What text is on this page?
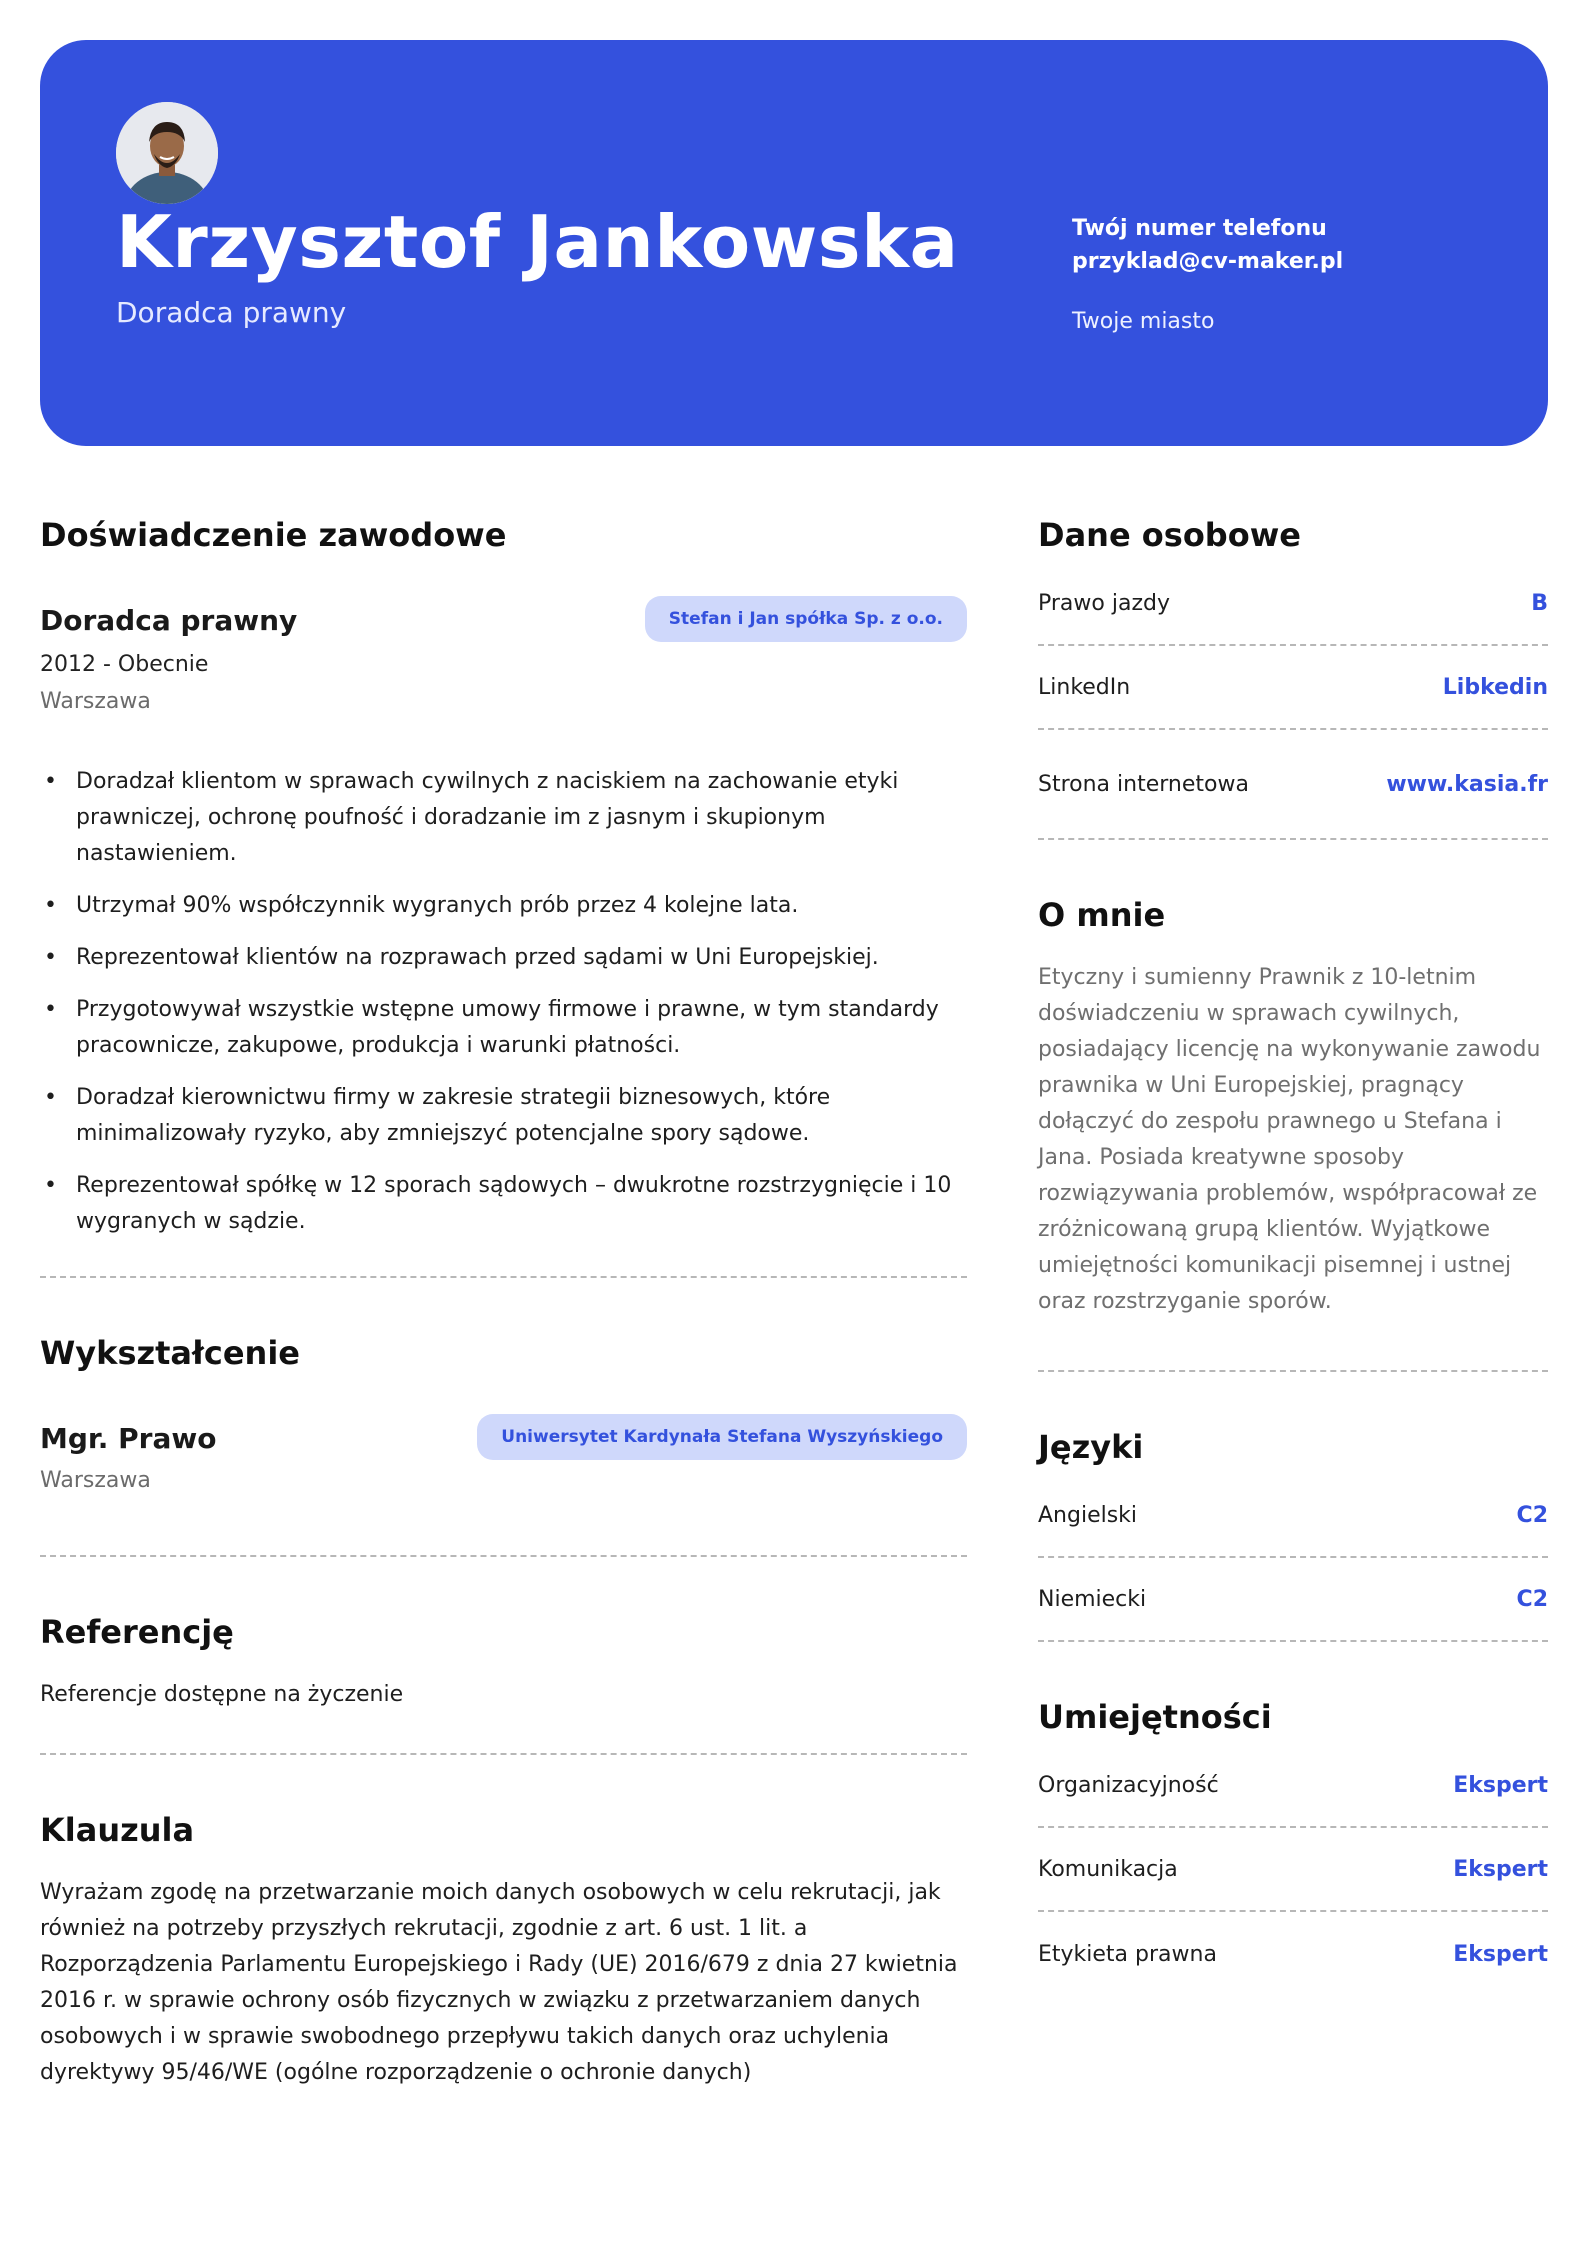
Krzysztof Jankowska
Doradca prawny
Twój numer telefonu
przyklad@cv-maker.pl
Twoje miasto
Doświadczenie zawodowe
Doradca prawny	Stefan i Jan spółka Sp. z o.o.
2012 - Obecnie
Warszawa
• Doradzał klientom w sprawach cywilnych z naciskiem na zachowanie etyki prawniczej, ochronę poufność i doradzanie im z jasnym i skupionym nastawieniem.
• Utrzymał 90% współczynnik wygranych prób przez 4 kolejne lata.
• Reprezentował klientów na rozprawach przed sądami w Uni Europejskiej.
• Przygotowywał wszystkie wstępne umowy firmowe i prawne, w tym standardy pracownicze, zakupowe, produkcja i warunki płatności.
• Doradzał kierownictwu firmy w zakresie strategii biznesowych, które minimalizowały ryzyko, aby zmniejszyć potencjalne spory sądowe.
• Reprezentował spółkę w 12 sporach sądowych – dwukrotne rozstrzygnięcie i 10 wygranych w sądzie.
Wykształcenie
Mgr. Prawo	Uniwersytet Kardynała Stefana Wyszyńskiego
Warszawa
Referencję
Referencje dostępne na życzenie
Klauzula
Wyrażam zgodę na przetwarzanie moich danych osobowych w celu rekrutacji, jak również na potrzeby przyszłych rekrutacji, zgodnie z art. 6 ust. 1 lit. a Rozporządzenia Parlamentu Europejskiego i Rady (UE) 2016/679 z dnia 27 kwietnia 2016 r. w sprawie ochrony osób fizycznych w związku z przetwarzaniem danych osobowych i w sprawie swobodnego przepływu takich danych oraz uchylenia dyrektywy 95/46/WE (ogólne rozporządzenie o ochronie danych)
Dane osobowe
Prawo jazdy	B
LinkedIn	Libkedin
Strona internetowa	www.kasia.fr
O mnie
Etyczny i sumienny Prawnik z 10-letnim doświadczeniu w sprawach cywilnych, posiadający licencję na wykonywanie zawodu prawnika w Uni Europejskiej, pragnący dołączyć do zespołu prawnego u Stefana i Jana. Posiada kreatywne sposoby rozwiązywania problemów, współpracował ze zróżnicowaną grupą klientów. Wyjątkowe umiejętności komunikacji pisemnej i ustnej oraz rozstrzyganie sporów.
Języki
Angielski	C2
Niemiecki	C2
Umiejętności
Organizacyjność	Ekspert
Komunikacja	Ekspert
Etykieta prawna	Ekspert
